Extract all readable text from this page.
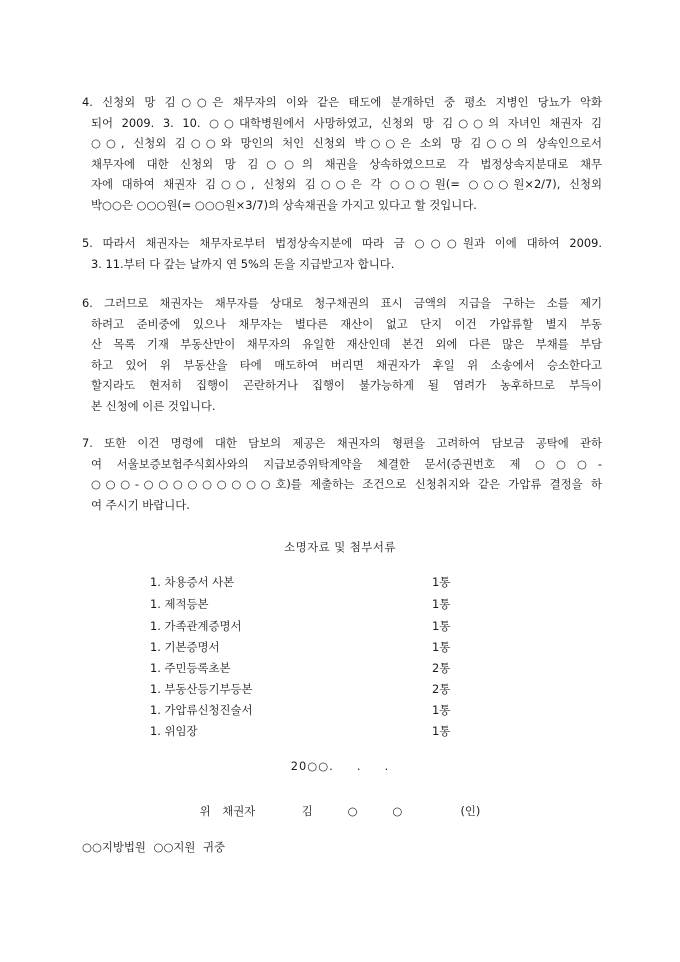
4. 신청외 망 김○○은 채무자의 이와 같은 태도에 분개하던 중 평소 지병인 당뇨가 악화
되어 2009. 3. 10. ○○대학병원에서 사망하였고, 신청외 망 김○○의 자녀인 채권자 김
○○, 신청외 김○○와 망인의 처인 신청외 박○○은 소외 망 김○○의 상속인으로서
채무자에 대한 신청외 망 김○○의 채권을 상속하였으므로 각 법정상속지분대로 채무
자에 대하여 채권자 김○○, 신청외 김○○은 각 ○○○원(= ○○○원×2/7), 신청외
박○○은 ○○○원(= ○○○원×3/7)의 상속채권을 가지고 있다고 할 것입니다.
5. 따라서 채권자는 채무자로부터 법정상속지분에 따라 금 ○○○원과 이에 대하여 2009.
3. 11.부터 다 갚는 날까지 연 5%의 돈을 지급받고자 합니다.
6. 그러므로 채권자는 채무자를 상대로 청구채권의 표시 금액의 지급을 구하는 소를 제기
하려고 준비중에 있으나 채무자는 별다른 재산이 없고 단지 이건 가압류할 별지 부동
산 목록 기재 부동산만이 채무자의 유일한 재산인데 본건 외에 다른 많은 부채를 부담
하고 있어 위 부동산을 타에 매도하여 버리면 채권자가 후일 위 소송에서 승소한다고
할지라도 현저히 집행이 곤란하거나 집행이 불가능하게 될 염려가 농후하므로 부득이
본 신청에 이른 것입니다.
7. 또한 이건 명령에 대한 담보의 제공은 채권자의 형편을 고려하여 담보금 공탁에 관하
여 서울보증보험주식회사와의 지급보증위탁계약을 체결한 문서(증권번호 제 ○○○-
○○○-○○○○○○○○○호)를 제출하는 조건으로 신청취지와 같은 가압류 결정을 하
여 주시기 바랍니다.
소명자료 및 첨부서류
1. 차용증서 사본	1통
1. 제적등본	1통
1. 가족관계증명서	1통
1. 기본증명서	1통
1. 주민등록초본	2통
1. 부동산등기부등본	2통
1. 가압류신청진술서	1통
1. 위임장	1통
20○○.     .     .
위 채권자    김   ○   ○     (인)
○○지방법원 ○○지원 귀중
